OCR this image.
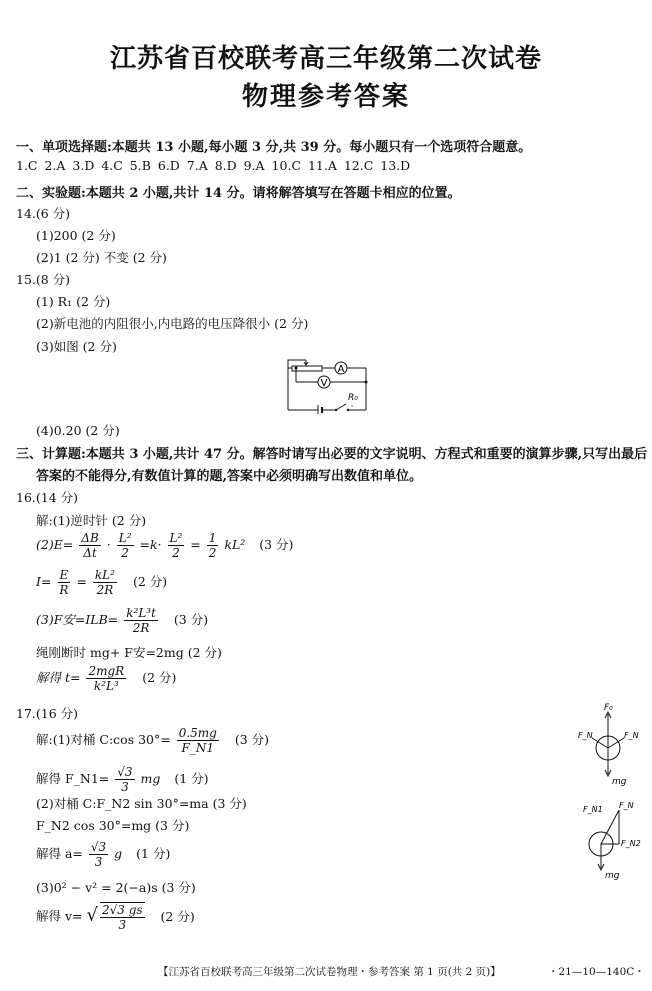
江苏省百校联考高三年级第二次试卷
物理参考答案
一、单项选择题:本题共 13 小题,每小题 3 分,共 39 分。每小题只有一个选项符合题意。
1.C 2.A 3.D 4.C 5.B 6.D 7.A 8.D 9.A 10.C 11.A 12.C 13.D
二、实验题:本题共 2 小题,共计 14 分。请将解答填写在答题卡相应的位置。
14.(6 分)
(1)200 (2 分)
(2)1 (2 分) 不变 (2 分)
15.(8 分)
(1) R₁ (2 分)
(2)新电池的内阻很小,内电路的电压降很小 (2 分)
(3)如图 (2 分)
A
V
R₀
(4)0.20 (2 分)
三、计算题:本题共 3 小题,共计 47 分。解答时请写出必要的文字说明、方程式和重要的演算步骤,只写出最后
答案的不能得分,有数值计算的题,答案中必须明确写出数值和单位。
16.(14 分)
解:(1)逆时针 (2 分)
$(2)E= \frac{\Delta B}{\Delta t} \cdot \frac{\text{L²}}{2} =k\cdot \frac{\text{L²}}{2} = \frac{1}{2} kL^2$ (3 分)
$I= \frac{E}{R} = \frac{\text{kL²}}{2R} (2$ 分)
(3)F安$=ILB= \frac{\text{k²L³t}}{2R} (3$ 分)
绳刚断时 mg+ F安=2mg (2 分)
解得 $t= \frac{\text{2mgR}}{\text{k²L³}} (2$ 分)
17.(16 分)
解:(1)对桶 C:cos $30^\circ= \frac{0.5mg}{F\_N1} (3$ 分)
解得 F_N1= $\frac{√3}{3}$ mg (1 分)
(2)对桶 C:F_N2 sin 30°=ma (3 分)
F_N2 cos 30°=mg (3 分)
解得 $a= \frac{√3}{3}$ g (1 分)
(3)0² − v² = 2(−a)s (3 分)
解得 v= √ $\frac{2√3 gs}{3} (2$ 分)
F₀
F_N	F_N
mg
F_N1 F_N
F_N2
mg
【江苏省百校联考高三年级第二次试卷物理・参考答案 第 1 页(共 2 页)】	・21—10—140C・
